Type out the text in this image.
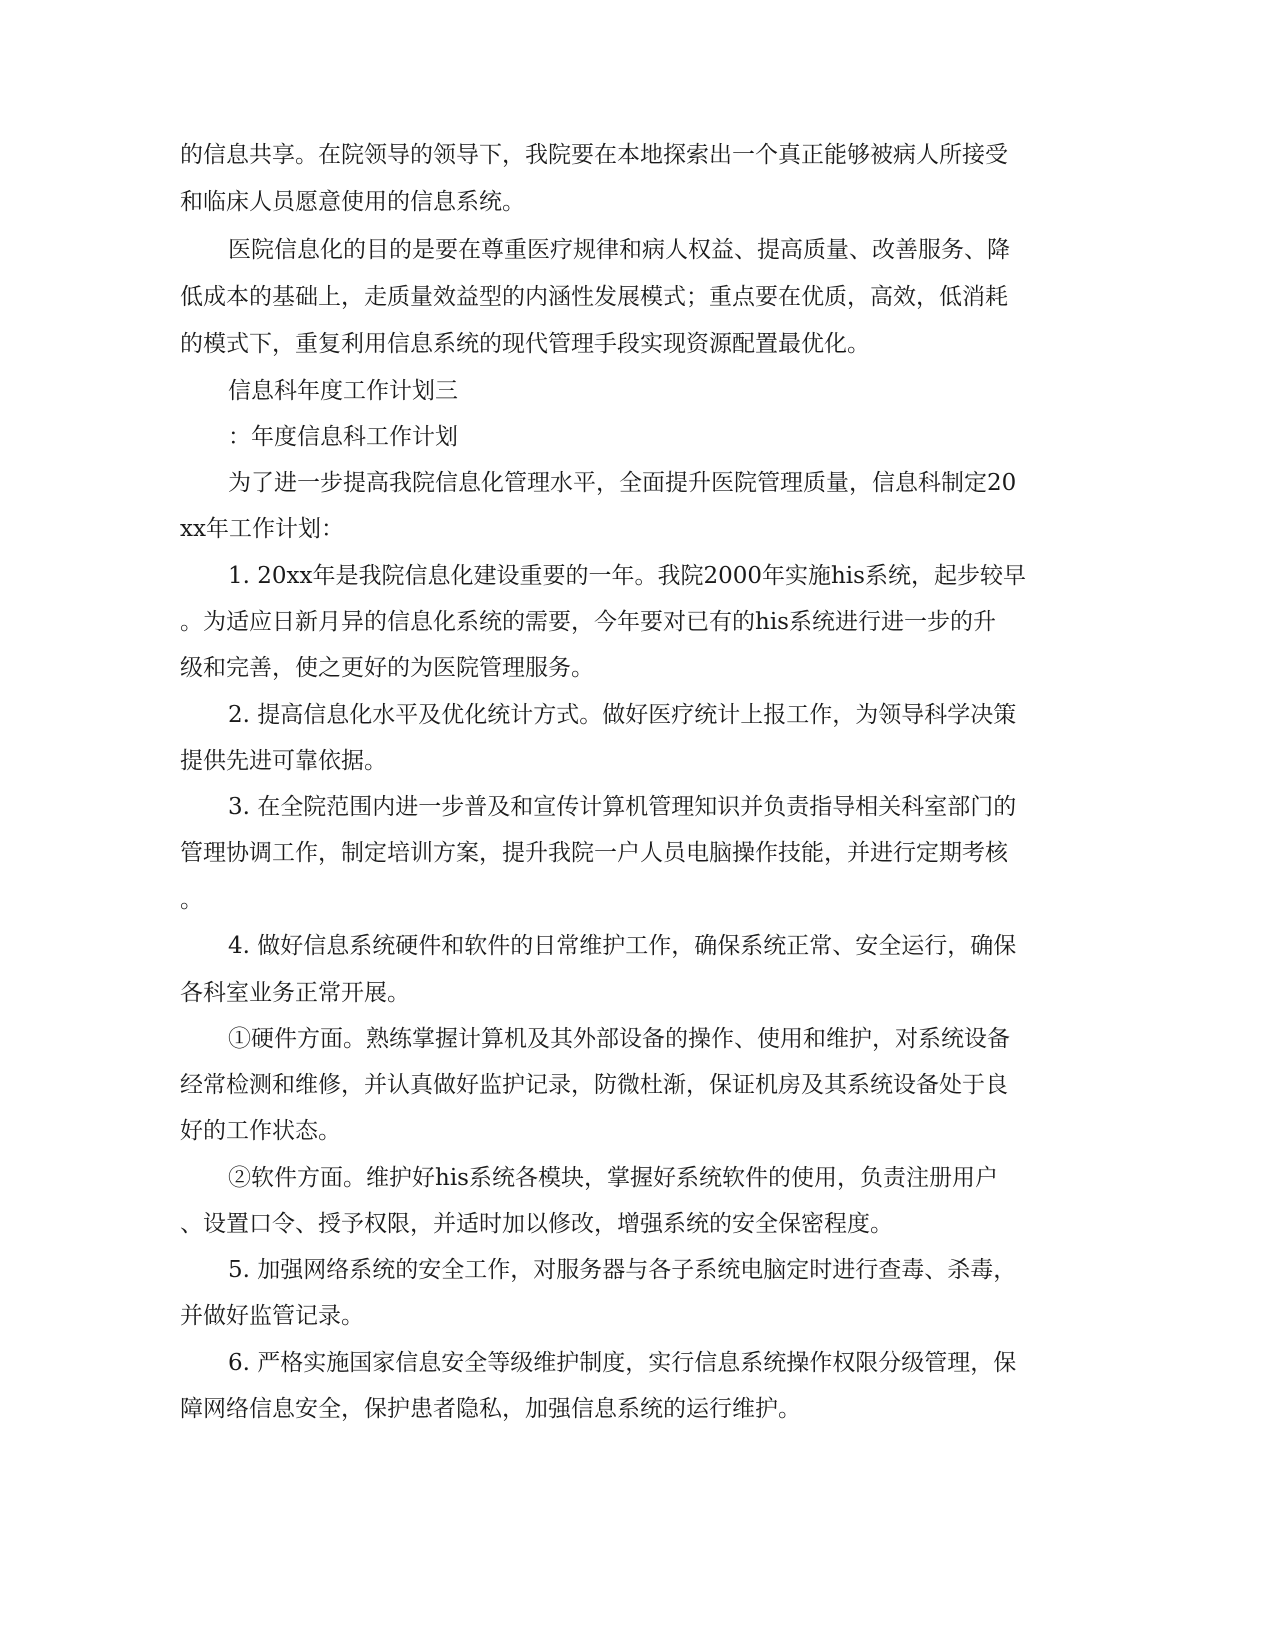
的信息共享。在院领导的领导下，我院要在本地探索出一个真正能够被病人所接受

和临床人员愿意使用的信息系统。

医院信息化的目的是要在尊重医疗规律和病人权益、提高质量、改善服务、降

低成本的基础上，走质量效益型的内涵性发展模式；重点要在优质，高效，低消耗

的模式下，重复利用信息系统的现代管理手段实现资源配置最优化。

信息科年度工作计划三

：年度信息科工作计划

为了进一步提高我院信息化管理水平，全面提升医院管理质量，信息科制定20

xx年工作计划：

1. 20xx年是我院信息化建设重要的一年。我院2000年实施his系统，起步较早

。为适应日新月异的信息化系统的需要，今年要对已有的his系统进行进一步的升

级和完善，使之更好的为医院管理服务。

2. 提高信息化水平及优化统计方式。做好医疗统计上报工作，为领导科学决策

提供先进可靠依据。

3. 在全院范围内进一步普及和宣传计算机管理知识并负责指导相关科室部门的

管理协调工作，制定培训方案，提升我院一户人员电脑操作技能，并进行定期考核

。

4. 做好信息系统硬件和软件的日常维护工作，确保系统正常、安全运行，确保

各科室业务正常开展。

①硬件方面。熟练掌握计算机及其外部设备的操作、使用和维护，对系统设备

经常检测和维修，并认真做好监护记录，防微杜渐，保证机房及其系统设备处于良

好的工作状态。

②软件方面。维护好his系统各模块，掌握好系统软件的使用，负责注册用户

、设置口令、授予权限，并适时加以修改，增强系统的安全保密程度。

5. 加强网络系统的安全工作，对服务器与各子系统电脑定时进行查毒、杀毒，

并做好监管记录。

6. 严格实施国家信息安全等级维护制度，实行信息系统操作权限分级管理，保

障网络信息安全，保护患者隐私，加强信息系统的运行维护。
